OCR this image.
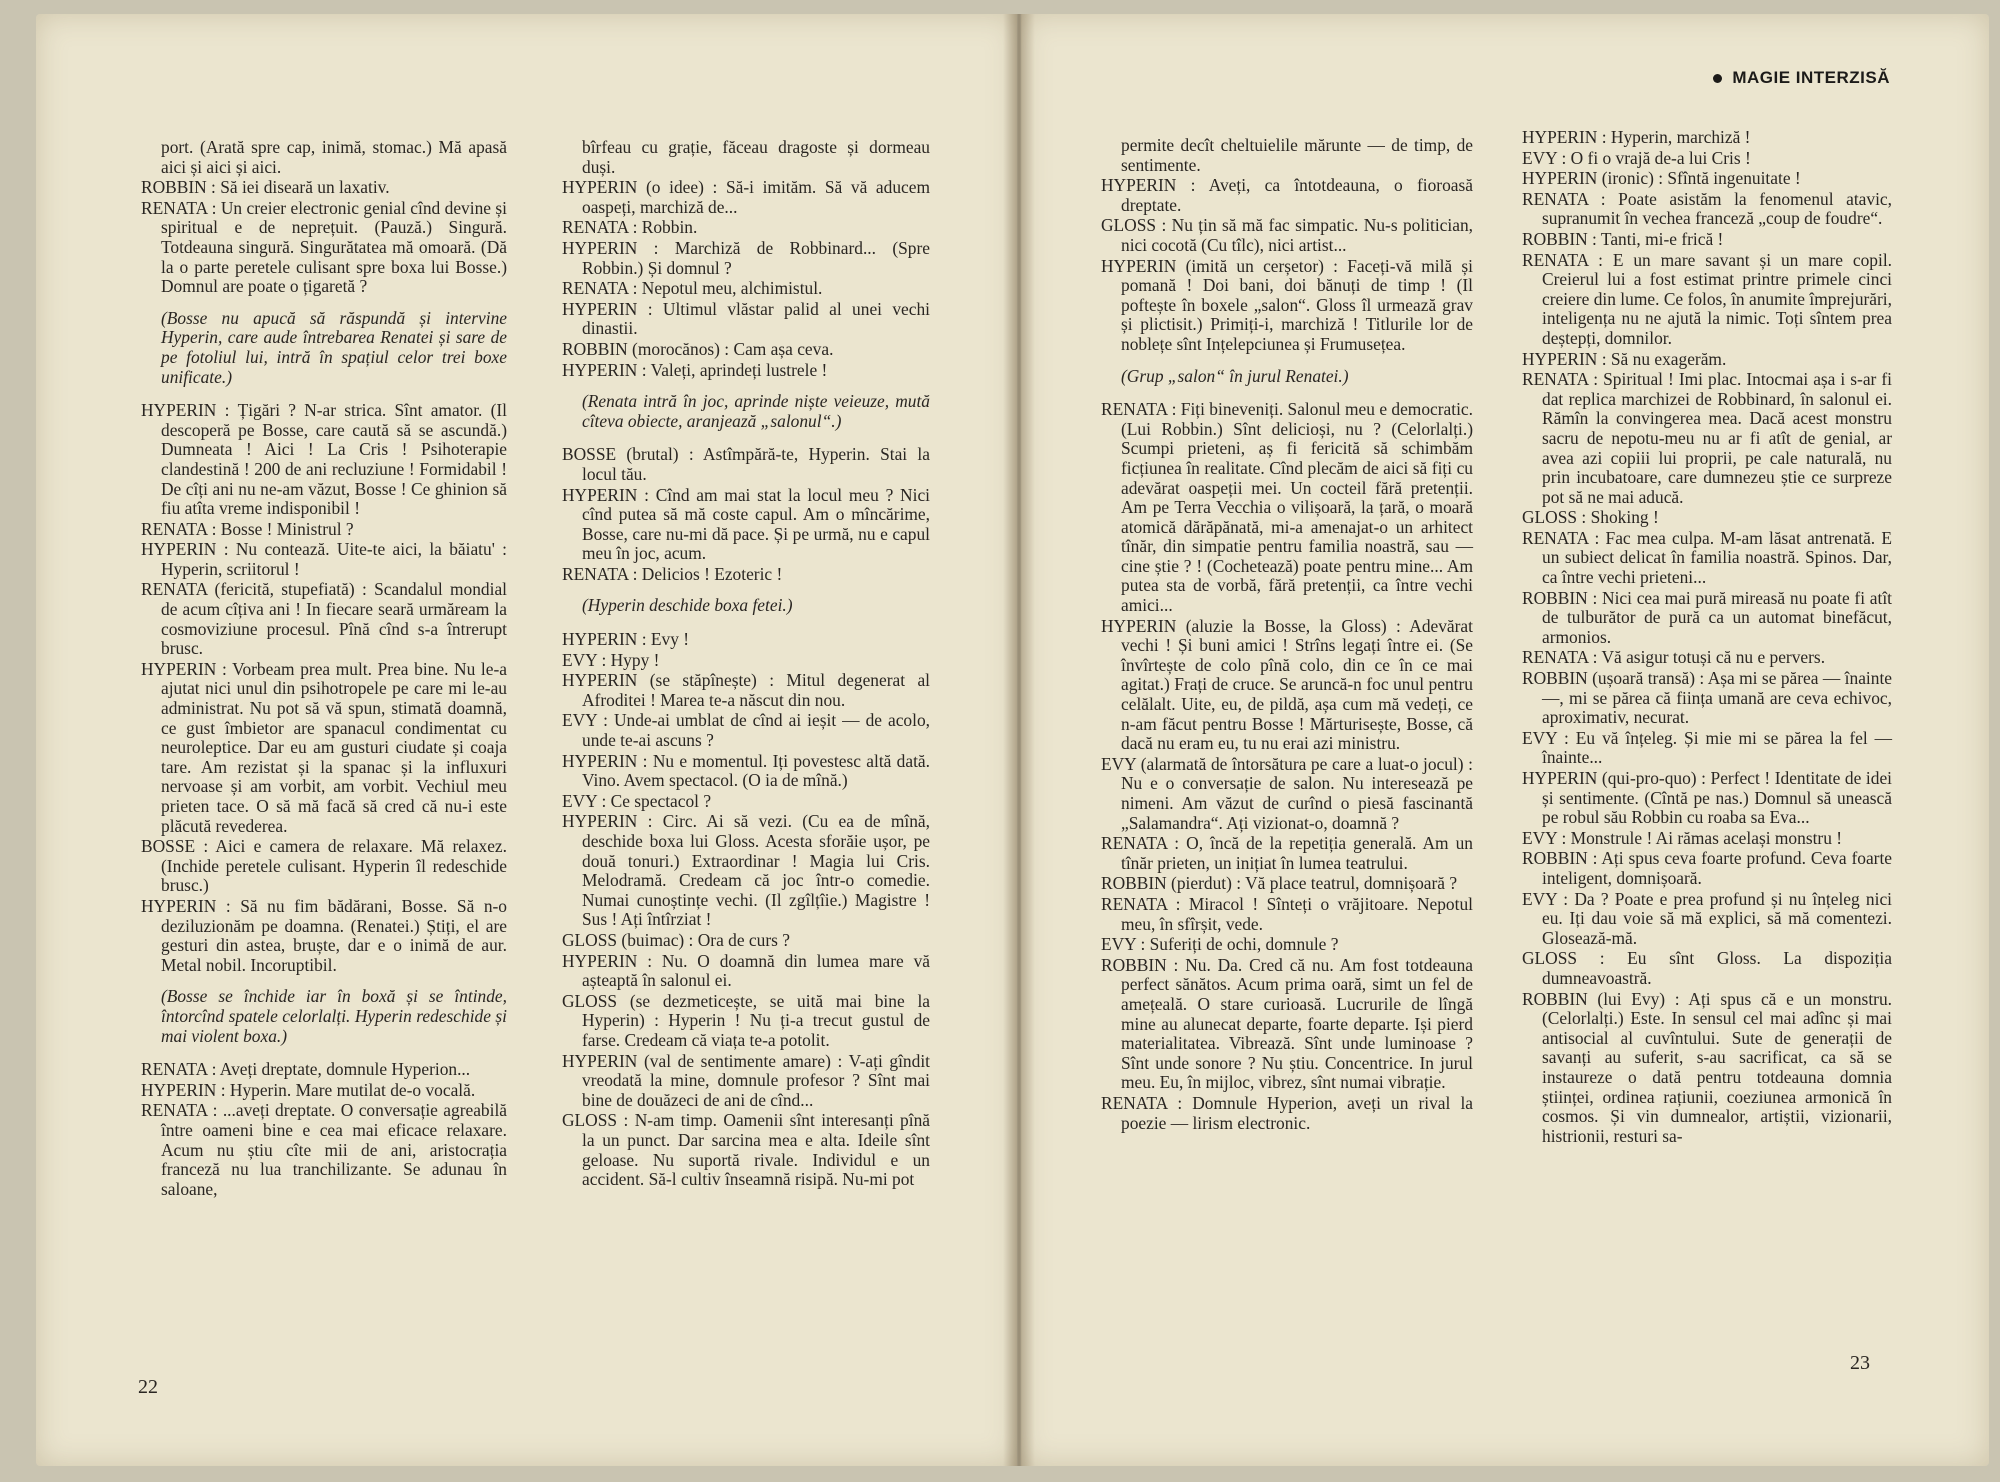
MAGIE INTERZISĂ

port. (Arată spre cap, inimă, stomac.) Mă apasă aici și aici și aici.

ROBBIN : Să iei diseară un laxativ.

RENATA : Un creier electronic genial cînd devine și spiritual e de neprețuit. (Pauză.) Singură. Totdeauna singură. Singurătatea mă omoară. (Dă la o parte peretele culisant spre boxa lui Bosse.) Domnul are poate o țigaretă ?

(Bosse nu apucă să răspundă și intervine Hyperin, care aude întrebarea Renatei și sare de pe fotoliul lui, intră în spațiul celor trei boxe unificate.)

HYPERIN : Țigări ? N-ar strica. Sînt amator. (Il descoperă pe Bosse, care caută să se ascundă.) Dumneata ! Aici ! La Cris ! Psihoterapie clandestină ! 200 de ani recluziune ! Formidabil ! De cîți ani nu ne-am văzut, Bosse ! Ce ghinion să fiu atîta vreme indisponibil !

RENATA : Bosse ! Ministrul ?

HYPERIN : Nu contează. Uite-te aici, la băiatu' : Hyperin, scriitorul !

RENATA (fericită, stupefiată) : Scandalul mondial de acum cîțiva ani ! In fiecare seară urmăream la cosmoviziune procesul. Pînă cînd s-a întrerupt brusc.

HYPERIN : Vorbeam prea mult. Prea bine. Nu le-a ajutat nici unul din psihotropele pe care mi le-au administrat. Nu pot să vă spun, stimată doamnă, ce gust îmbietor are spanacul condimentat cu neuroleptice. Dar eu am gusturi ciudate și coaja tare. Am rezistat și la spanac și la influxuri nervoase și am vorbit, am vorbit. Vechiul meu prieten tace. O să mă facă să cred că nu-i este plăcută revederea.

BOSSE : Aici e camera de relaxare. Mă relaxez. (Inchide peretele culisant. Hyperin îl redeschide brusc.)

HYPERIN : Să nu fim bădărani, Bosse. Să n-o deziluzionăm pe doamna. (Renatei.) Știți, el are gesturi din astea, bruște, dar e o inimă de aur. Metal nobil. Incoruptibil.

(Bosse se închide iar în boxă și se întinde, întorcînd spatele celorlalți. Hyperin redeschide și mai violent boxa.)

RENATA : Aveți dreptate, domnule Hyperion...

HYPERIN : Hyperin. Mare mutilat de-o vocală.

RENATA : ...aveți dreptate. O conversație agreabilă între oameni bine e cea mai eficace relaxare. Acum nu știu cîte mii de ani, aristocrația franceză nu lua tranchilizante. Se adunau în saloane,

bîrfeau cu grație, făceau dragoste și dormeau duși.

HYPERIN (o idee) : Să-i imităm. Să vă aducem oaspeți, marchiză de...

RENATA : Robbin.

HYPERIN : Marchiză de Robbinard... (Spre Robbin.) Și domnul ?

RENATA : Nepotul meu, alchimistul.

HYPERIN : Ultimul vlăstar palid al unei vechi dinastii.

ROBBIN (morocănos) : Cam așa ceva.

HYPERIN : Valeți, aprindeți lustrele !

(Renata intră în joc, aprinde niște veieuze, mută cîteva obiecte, aranjează „salonul“.)

BOSSE (brutal) : Astîmpără-te, Hyperin. Stai la locul tău.

HYPERIN : Cînd am mai stat la locul meu ? Nici cînd putea să mă coste capul. Am o mîncărime, Bosse, care nu-mi dă pace. Și pe urmă, nu e capul meu în joc, acum.

RENATA : Delicios ! Ezoteric !

(Hyperin deschide boxa fetei.)

HYPERIN : Evy !

EVY : Hypy !

HYPERIN (se stăpînește) : Mitul degenerat al Afroditei ! Marea te-a născut din nou.

EVY : Unde-ai umblat de cînd ai ieșit — de acolo, unde te-ai ascuns ?

HYPERIN : Nu e momentul. Iți povestesc altă dată. Vino. Avem spectacol. (O ia de mînă.)

EVY : Ce spectacol ?

HYPERIN : Circ. Ai să vezi. (Cu ea de mînă, deschide boxa lui Gloss. Acesta sforăie ușor, pe două tonuri.) Extraordinar ! Magia lui Cris. Melodramă. Credeam că joc într-o comedie. Numai cunoștințe vechi. (Il zgîlțîie.) Magistre ! Sus ! Ați întîrziat !

GLOSS (buimac) : Ora de curs ?

HYPERIN : Nu. O doamnă din lumea mare vă așteaptă în salonul ei.

GLOSS (se dezmeticește, se uită mai bine la Hyperin) : Hyperin ! Nu ți-a trecut gustul de farse. Credeam că viața te-a potolit.

HYPERIN (val de sentimente amare) : V-ați gîndit vreodată la mine, domnule profesor ? Sînt mai bine de douăzeci de ani de cînd...

GLOSS : N-am timp. Oamenii sînt interesanți pînă la un punct. Dar sarcina mea e alta. Ideile sînt geloase. Nu suportă rivale. Individul e un accident. Să-l cultiv înseamnă risipă. Nu-mi pot

permite decît cheltuielile mărunte — de timp, de sentimente.

HYPERIN : Aveți, ca întotdeauna, o fioroasă dreptate.

GLOSS : Nu țin să mă fac simpatic. Nu-s politician, nici cocotă (Cu tîlc), nici artist...

HYPERIN (imită un cerșetor) : Faceți-vă milă și pomană ! Doi bani, doi bănuți de timp ! (Il poftește în boxele „salon“. Gloss îl urmează grav și plictisit.) Primiți-i, marchiză ! Titlurile lor de noblețe sînt Ințelepciunea și Frumusețea.

(Grup „salon“ în jurul Renatei.)

RENATA : Fiți bineveniți. Salonul meu e democratic. (Lui Robbin.) Sînt delicioși, nu ? (Celorlalți.) Scumpi prieteni, aș fi fericită să schimbăm ficțiunea în realitate. Cînd plecăm de aici să fiți cu adevărat oaspeții mei. Un cocteil fără pretenții. Am pe Terra Vecchia o vilișoară, la țară, o moară atomică dărăpănată, mi-a amenajat-o un arhitect tînăr, din simpatie pentru familia noastră, sau — cine știe ? ! (Cochetează) poate pentru mine... Am putea sta de vorbă, fără pretenții, ca între vechi amici...

HYPERIN (aluzie la Bosse, la Gloss) : Adevărat vechi ! Și buni amici ! Strîns legați între ei. (Se învîrtește de colo pînă colo, din ce în ce mai agitat.) Frați de cruce. Se aruncă-n foc unul pentru celălalt. Uite, eu, de pildă, așa cum mă vedeți, ce n-am făcut pentru Bosse ! Mărturisește, Bosse, că dacă nu eram eu, tu nu erai azi ministru.

EVY (alarmată de întorsătura pe care a luat-o jocul) : Nu e o conversație de salon. Nu interesează pe nimeni. Am văzut de curînd o piesă fascinantă „Salamandra“. Ați vizionat-o, doamnă ?

RENATA : O, încă de la repetiția generală. Am un tînăr prieten, un inițiat în lumea teatrului.

ROBBIN (pierdut) : Vă place teatrul, domnișoară ?

RENATA : Miracol ! Sînteți o vrăjitoare. Nepotul meu, în sfîrșit, vede.

EVY : Suferiți de ochi, domnule ?

ROBBIN : Nu. Da. Cred că nu. Am fost totdeauna perfect sănătos. Acum prima oară, simt un fel de amețeală. O stare curioasă. Lucrurile de lîngă mine au alunecat departe, foarte departe. Iși pierd materialitatea. Vibrează. Sînt unde luminoase ? Sînt unde sonore ? Nu știu. Concentrice. In jurul meu. Eu, în mijloc, vibrez, sînt numai vibrație.

RENATA : Domnule Hyperion, aveți un rival la poezie — lirism electronic.

HYPERIN : Hyperin, marchiză !

EVY : O fi o vrajă de-a lui Cris !

HYPERIN (ironic) : Sfîntă ingenuitate !

RENATA : Poate asistăm la fenomenul atavic, supranumit în vechea franceză „coup de foudre“.

ROBBIN : Tanti, mi-e frică !

RENATA : E un mare savant și un mare copil. Creierul lui a fost estimat printre primele cinci creiere din lume. Ce folos, în anumite împrejurări, inteligența nu ne ajută la nimic. Toți sîntem prea deștepți, domnilor.

HYPERIN : Să nu exagerăm.

RENATA : Spiritual ! Imi plac. Intocmai așa i s-ar fi dat replica marchizei de Robbinard, în salonul ei. Rămîn la convingerea mea. Dacă acest monstru sacru de nepotu-meu nu ar fi atît de genial, ar avea azi copiii lui proprii, pe cale naturală, nu prin incubatoare, care dumnezeu știe ce surpreze pot să ne mai aducă.

GLOSS : Shoking !

RENATA : Fac mea culpa. M-am lăsat antrenată. E un subiect delicat în familia noastră. Spinos. Dar, ca între vechi prieteni...

ROBBIN : Nici cea mai pură mireasă nu poate fi atît de tulburător de pură ca un automat binefăcut, armonios.

RENATA : Vă asigur totuși că nu e pervers.

ROBBIN (ușoară transă) : Așa mi se părea — înainte —, mi se părea că ființa umană are ceva echivoc, aproximativ, necurat.

EVY : Eu vă înțeleg. Și mie mi se părea la fel — înainte...

HYPERIN (qui-pro-quo) : Perfect ! Identitate de idei și sentimente. (Cîntă pe nas.) Domnul să unească pe robul său Robbin cu roaba sa Eva...

EVY : Monstrule ! Ai rămas același monstru !

ROBBIN : Ați spus ceva foarte profund. Ceva foarte inteligent, domnișoară.

EVY : Da ? Poate e prea profund și nu înțeleg nici eu. Iți dau voie să mă explici, să mă comentezi. Glosează-mă.

GLOSS : Eu sînt Gloss. La dispoziția dumneavoastră.

ROBBIN (lui Evy) : Ați spus că e un monstru. (Celorlalți.) Este. In sensul cel mai adînc și mai antisocial al cuvîntului. Sute de generații de savanți au suferit, s-au sacrificat, ca să se instaureze o dată pentru totdeauna domnia științei, ordinea rațiunii, coeziunea armonică în cosmos. Și vin dumnealor, artiștii, vizionarii, histrionii, resturi sa-

22
23
